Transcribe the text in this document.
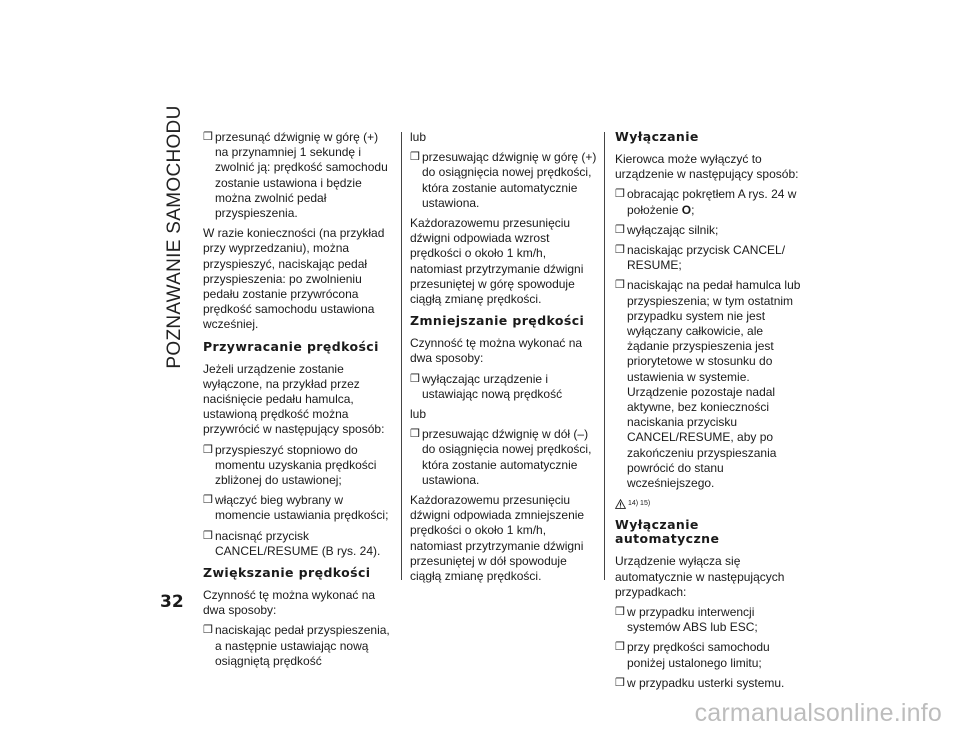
POZNAWANIE SAMOCHODU ❒ przesunąć dźwignię w górę (+) na przynamniej 1 sekundę i zwolnić ją: prędkość samochodu zostanie ustawiona i będzie można zwolnić pedał przyspieszenia.

W razie konieczności (na przykład przy wyprzedzaniu), można przyspieszyć, naciskając pedał przyspieszenia: po zwolnieniu pedału zostanie przywrócona prędkość samochodu ustawiona wcześniej.

Przywracanie prędkości

Jeżeli urządzenie zostanie wyłączone, na przykład przez naciśnięcie pedału hamulca, ustawioną prędkość można przywrócić w następujący sposób:

❒ przyspieszyć stopniowo do momentu uzyskania prędkości zbliżonej do ustawionej;
❒ włączyć bieg wybrany w momencie ustawiania prędkości;
❒ nacisnąć przycisk CANCEL/RESUME (B rys. 24).
Zwiększanie prędkości

Czynność tę można wykonać na dwa sposoby:

❒ naciskając pedał przyspieszenia, a następnie ustawiając nową osiągniętą prędkość

lub

❒ przesuwając dźwignię w górę (+) do osiągnięcia nowej prędkości, która zostanie automatycznie ustawiona.

Każdorazowemu przesunięciu dźwigni odpowiada wzrost prędkości o około 1 km/h, natomiast przytrzymanie dźwigni przesuniętej w górę spowoduje ciągłą zmianę prędkości.

Zmniejszanie prędkości

Czynność tę można wykonać na dwa sposoby:

❒ wyłączając urządzenie i ustawiając nową prędkość

lub

❒ przesuwając dźwignię w dół (–) do osiągnięcia nowej prędkości, która zostanie automatycznie ustawiona.

Każdorazowemu przesunięciu dźwigni odpowiada zmniejszenie prędkości o około 1 km/h, natomiast przytrzymanie dźwigni przesuniętej w dół spowoduje ciągłą zmianę prędkości.

Wyłączanie

Kierowca może wyłączyć to urządzenie w następujący sposób:

❒ obracając pokrętłem A rys. 24 w położenie O;
❒ wyłączając silnik;
❒ naciskając przycisk CANCEL/ RESUME;
❒ naciskając na pedał hamulca lub przyspieszenia; w tym ostatnim przypadku system nie jest wyłączany całkowicie, ale żądanie przyspieszenia jest priorytetowe w stosunku do ustawienia w systemie. Urządzenie pozostaje nadal aktywne, bez konieczności naciskania przycisku CANCEL/RESUME, aby po zakończeniu przyspieszania powrócić do stanu wcześniejszego.
14) 15)
Wyłączanie automatyczne

Urządzenie wyłącza się automatycznie w następujących przypadkach:

❒ w przypadku interwencji systemów ABS lub ESC;
❒ przy prędkości samochodu poniżej ustalonego limitu;
❒ w przypadku usterki systemu.
32
carmanualsonline.info
